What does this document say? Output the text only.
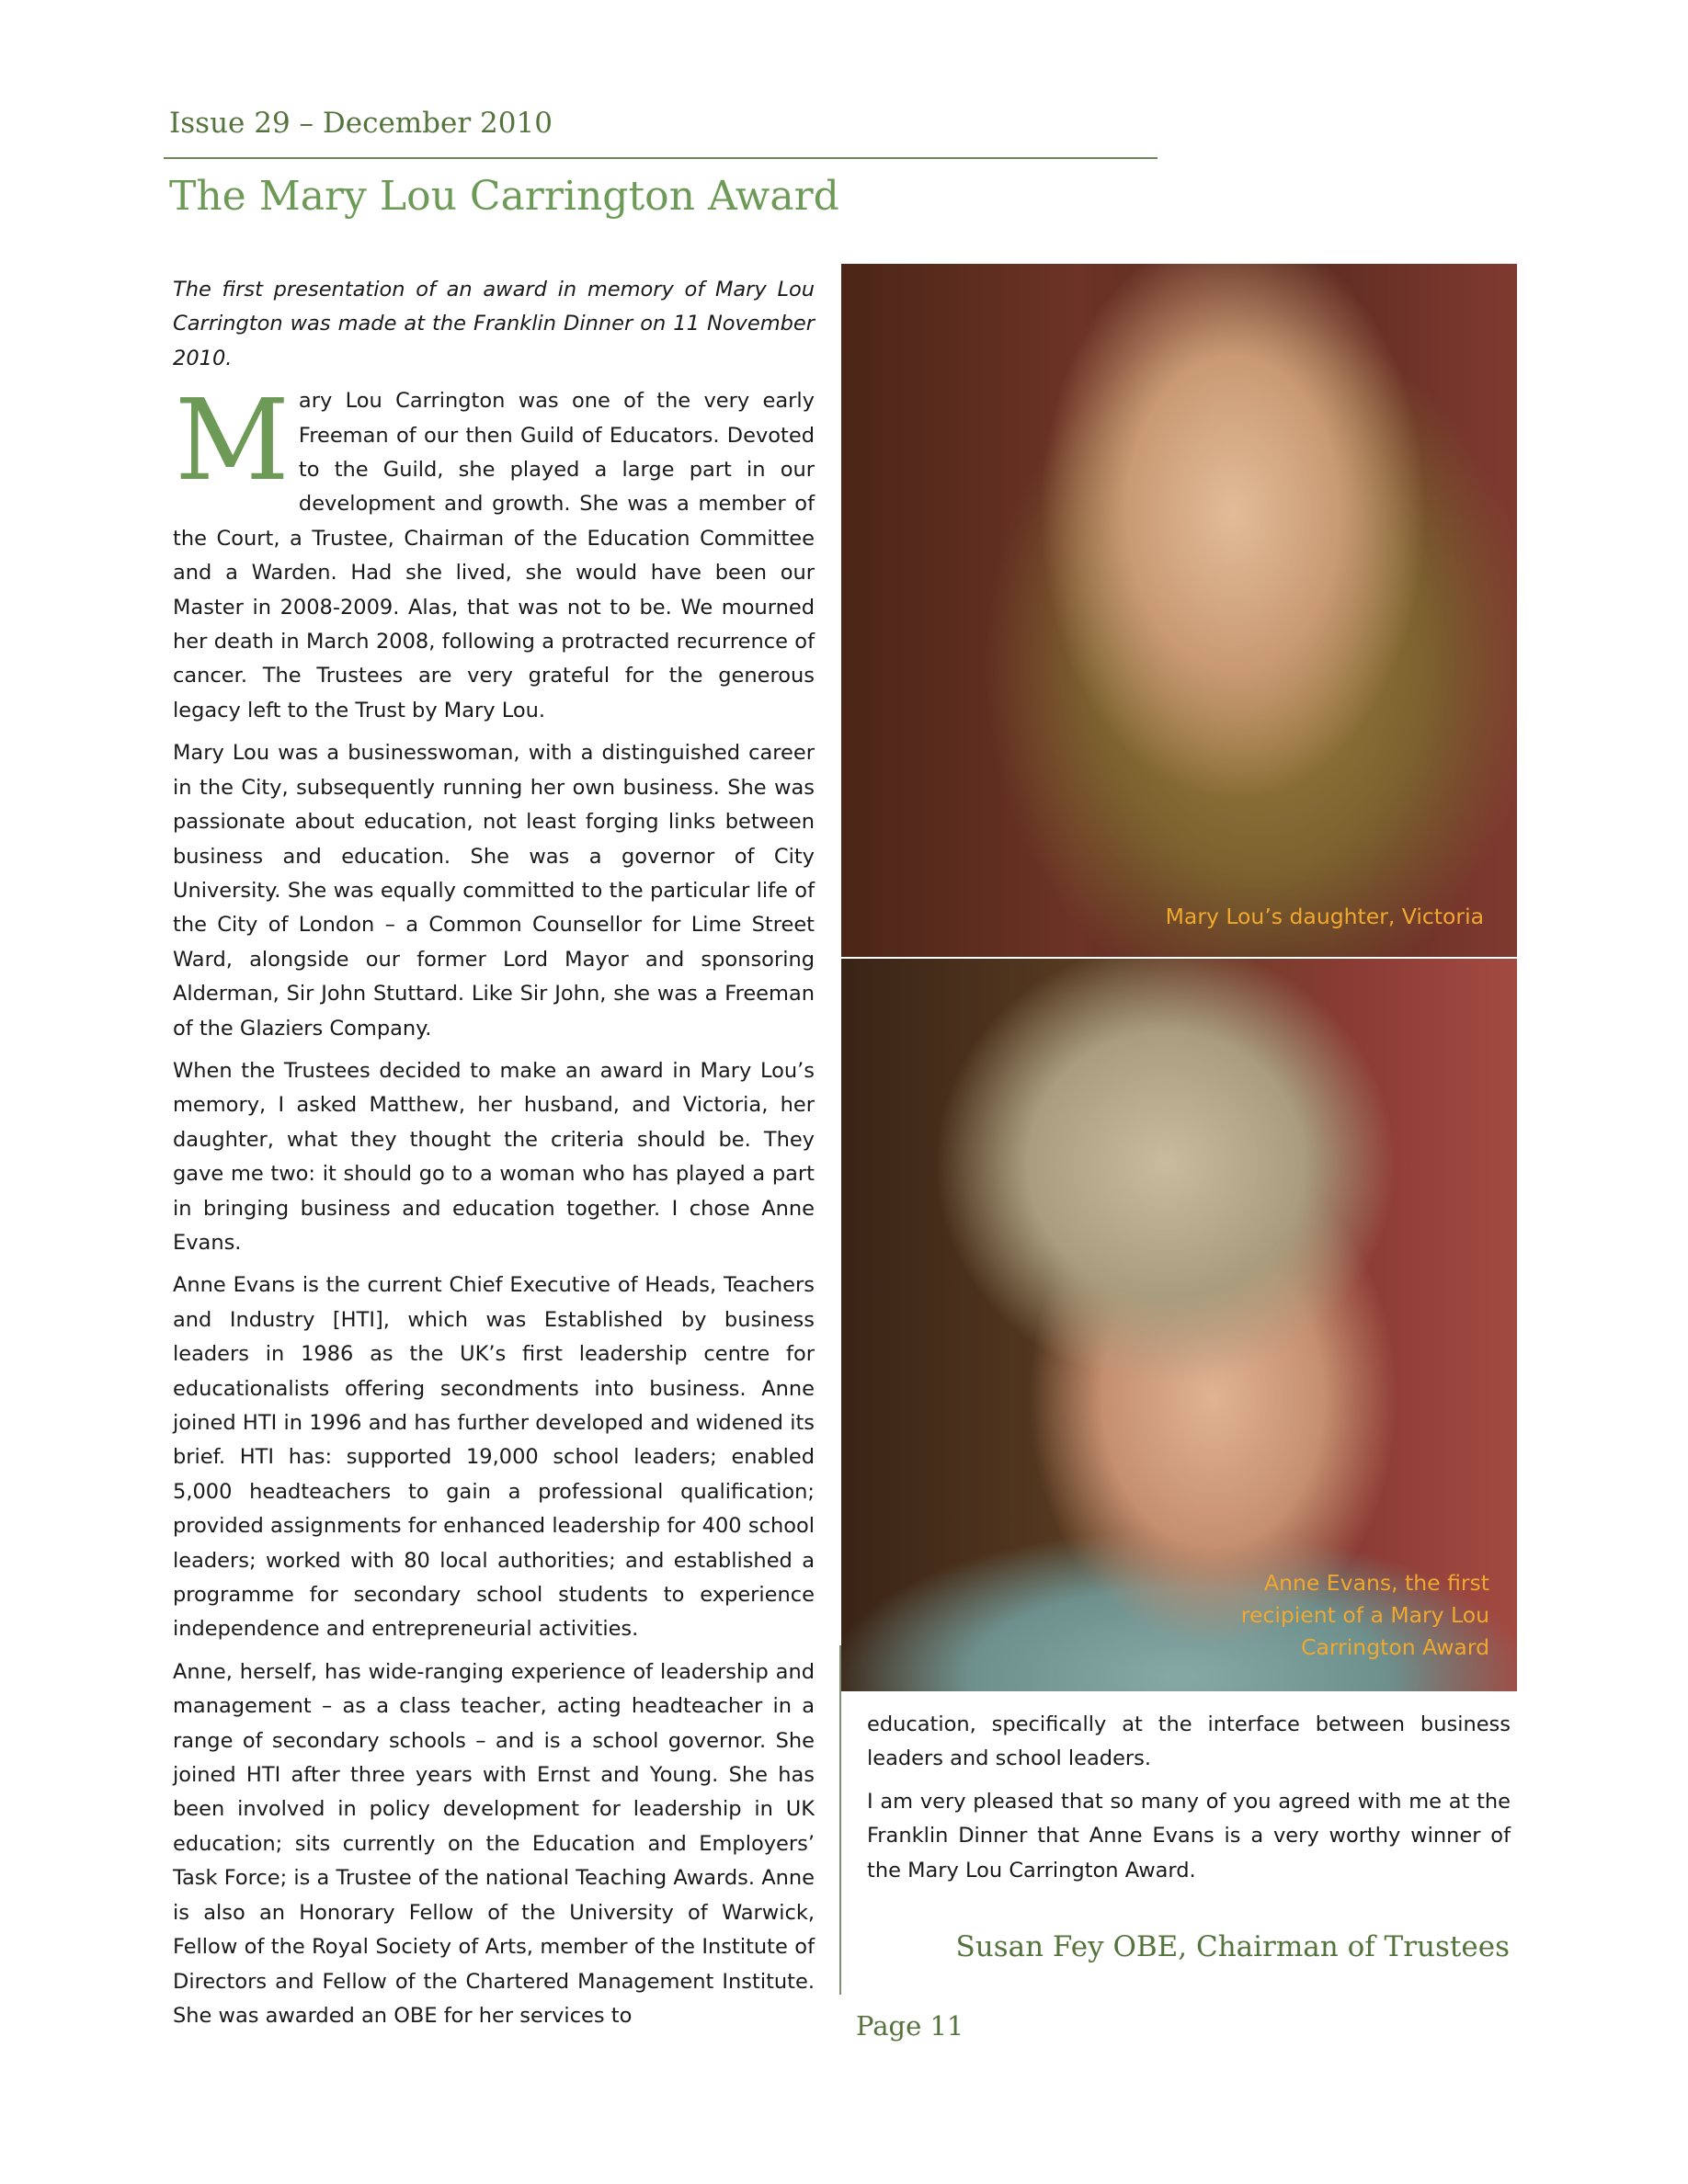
Issue 29 – December 2010
The Mary Lou Carrington Award

The first presentation of an award in memory of Mary Lou Carrington was made at the Franklin Dinner on 11 November 2010.

Mary Lou Carrington was one of the very early Freeman of our then Guild of Educators. Devoted to the Guild, she played a large part in our development and growth. She was a member of the Court, a Trustee, Chairman of the Education Committee and a Warden. Had she lived, she would have been our Master in 2008-2009. Alas, that was not to be. We mourned her death in March 2008, following a protracted recurrence of cancer. The Trustees are very grateful for the generous legacy left to the Trust by Mary Lou.

Mary Lou was a businesswoman, with a distinguished career in the City, subsequently running her own business. She was passionate about education, not least forging links between business and education. She was a governor of City University. She was equally committed to the particular life of the City of London – a Common Counsellor for Lime Street Ward, alongside our former Lord Mayor and sponsoring Alderman, Sir John Stuttard. Like Sir John, she was a Freeman of the Glaziers Company.

When the Trustees decided to make an award in Mary Lou’s memory, I asked Matthew, her husband, and Victoria, her daughter, what they thought the criteria should be. They gave me two: it should go to a woman who has played a part in bringing business and education together. I chose Anne Evans.

Anne Evans is the current Chief Executive of Heads, Teachers and Industry [HTI], which was Established by business leaders in 1986 as the UK’s first leadership centre for educationalists offering secondments into business. Anne joined HTI in 1996 and has further developed and widened its brief. HTI has: supported 19,000 school leaders; enabled 5,000 headteachers to gain a professional qualification; provided assignments for enhanced leadership for 400 school leaders; worked with 80 local authorities; and established a programme for secondary school students to experience independence and entrepreneurial activities.

Anne, herself, has wide-ranging experience of leadership and management – as a class teacher, acting headteacher in a range of secondary schools – and is a school governor. She joined HTI after three years with Ernst and Young. She has been involved in policy development for leadership in UK education; sits currently on the Education and Employers’ Task Force; is a Trustee of the national Teaching Awards. Anne is also an Honorary Fellow of the University of Warwick, Fellow of the Royal Society of Arts, member of the Institute of Directors and Fellow of the Chartered Management Institute. She was awarded an OBE for her services to

Mary Lou’s daughter, Victoria
Anne Evans, the first recipient of a Mary Lou Carrington Award

education, specifically at the interface between business leaders and school leaders.

I am very pleased that so many of you agreed with me at the Franklin Dinner that Anne Evans is a very worthy winner of the Mary Lou Carrington Award.

Susan Fey OBE, Chairman of Trustees
Page 11
